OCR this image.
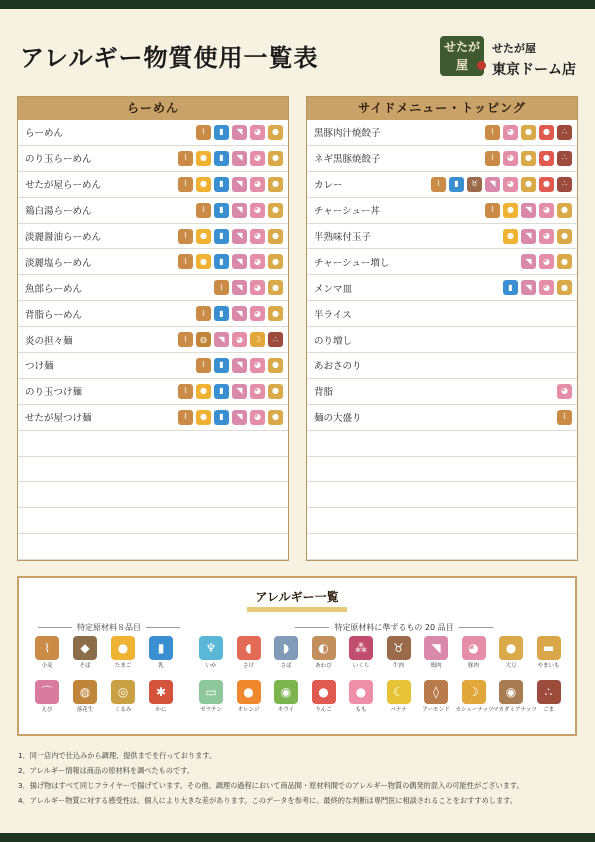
アレルギー物質使用一覧表	せたが屋
せたが屋
東京ドーム店
らーめん
らーめん	⌇	▮	◥	◕	●
のり玉らーめん	⌇	●	▮	◥	◕	●
せたが屋らーめん	⌇	●	▮	◥	◕	●
鶏白湯らーめん	⌇	▮	◥	◕	●
淡麗醤油らーめん	⌇	●	▮	◥	◕	●
淡麗塩らーめん	⌇	●	▮	◥	◕	●
魚郎らーめん	⌇	◥	◕	●
背脂らーめん	⌇	▮	◥	◕	●
炎の担々麺	⌇	◍	◥	◕	☽	∴
つけ麺	⌇	▮	◥	◕	●
のり玉つけ麺	⌇	●	▮	◥	◕	●
せたが屋つけ麺	⌇	●	▮	◥	◕	●
サイドメニュー・トッピング
黒豚肉汁焼餃子	⌇	◕	●	●	∴
ネギ黒豚焼餃子	⌇	◕	●	●	∴
カレー	⌇	▮	♉	◥	◕	●	●	∴
チャーシュー丼	⌇	●	◥	◕	●
半熟味付玉子	●	◥	◕	●
チャーシュー増し	◥	◕	●
メンマ皿	▮	◥	◕	●
半ライス
のり増し
あおさのり
背脂	◕
麺の大盛り	⌇
アレルギー一覧
特定原材料８品目	特定原材料に準ずるもの 20 品目
⌇
小麦
◆
そば
●
たまご
▮
乳
⌒
えび
◍
落花生
◎
くるみ
✱
かに
♆
いか
◖
さけ
◗
さば
◐
あわび
⁂
いくら
♉
牛肉
◥
鶏肉
◕
豚肉
●
大豆
▬
やまいも
▭
ゼラチン
●
オレンジ
◉
キウイ
●
りんご
●
もも
☾
バナナ
◊
アーモンド
☽
カシューナッツ
◉
マカダミアナッツ
∴
ごま
1．同一店内で仕込みから調理、提供までを行っております。
2．アレルギー情報は商品の原材料を調べたものです。
3．揚げ物はすべて同じフライヤーで揚げています。その他、調理の過程において商品間・原材料間でのアレルギー物質の偶発的混入の可能性がございます。
4．アレルギー物質に対する感受性は、個人により大きな差があります。このデータを参考に、最終的な判断は専門医に相談されることをおすすめします。
